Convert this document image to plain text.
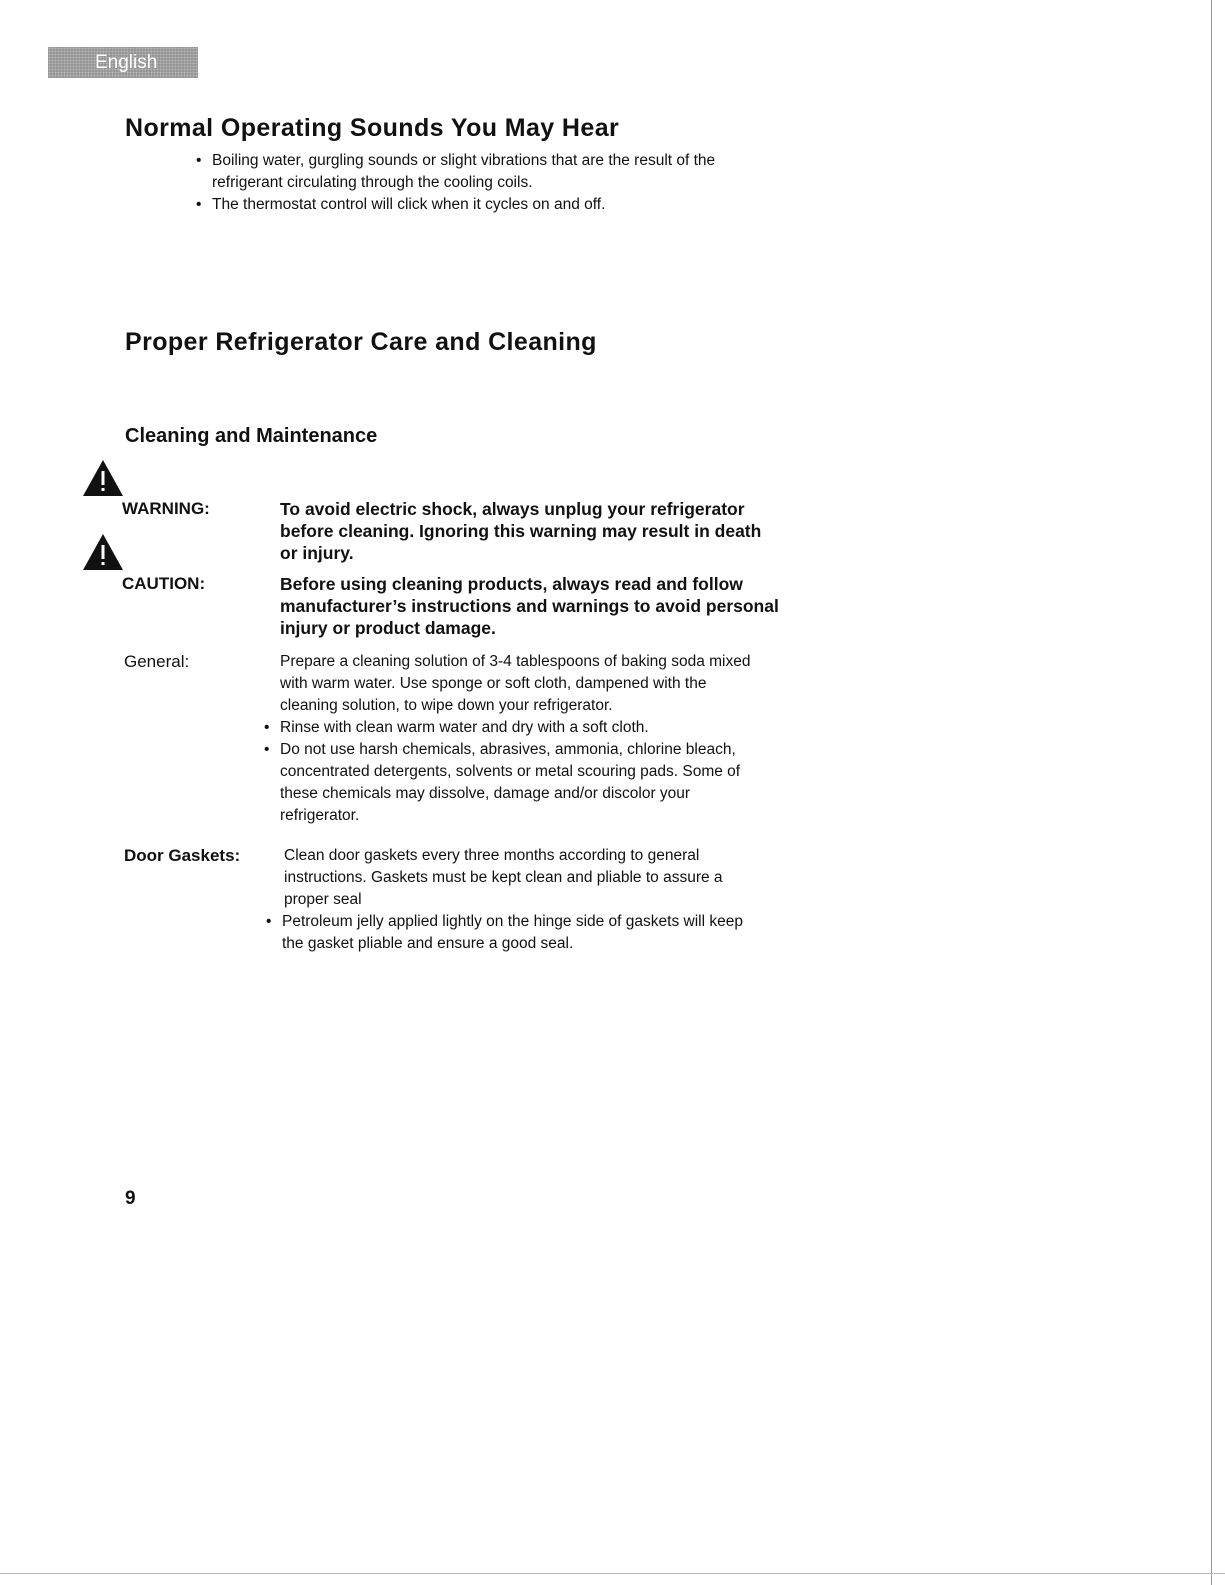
English
Normal Operating Sounds You May Hear
• Boiling water, gurgling sounds or slight vibrations that are the result of the refrigerant circulating through the cooling coils.
• The thermostat control will click when it cycles on and off.
Proper Refrigerator Care and Cleaning
Cleaning and Maintenance
WARNING:	To avoid electric shock, always unplug your refrigerator before cleaning. Ignoring this warning may result in death or injury.

CAUTION:	Before using cleaning products, always read and follow manufacturer’s instructions and warnings to avoid personal injury or product damage.

General:	Prepare a cleaning solution of 3-4 tablespoons of baking soda mixed with warm water. Use sponge or soft cloth, dampened with the cleaning solution, to wipe down your refrigerator.

• Rinse with clean warm water and dry with a soft cloth.
• Do not use harsh chemicals, abrasives, ammonia, chlorine bleach, concentrated detergents, solvents or metal scouring pads. Some of these chemicals may dissolve, damage and/or discolor your refrigerator.
Door Gaskets:	Clean door gaskets every three months according to general instructions. Gaskets must be kept clean and pliable to assure a proper seal

• Petroleum jelly applied lightly on the hinge side of gaskets will keep the gasket pliable and ensure a good seal.
9
